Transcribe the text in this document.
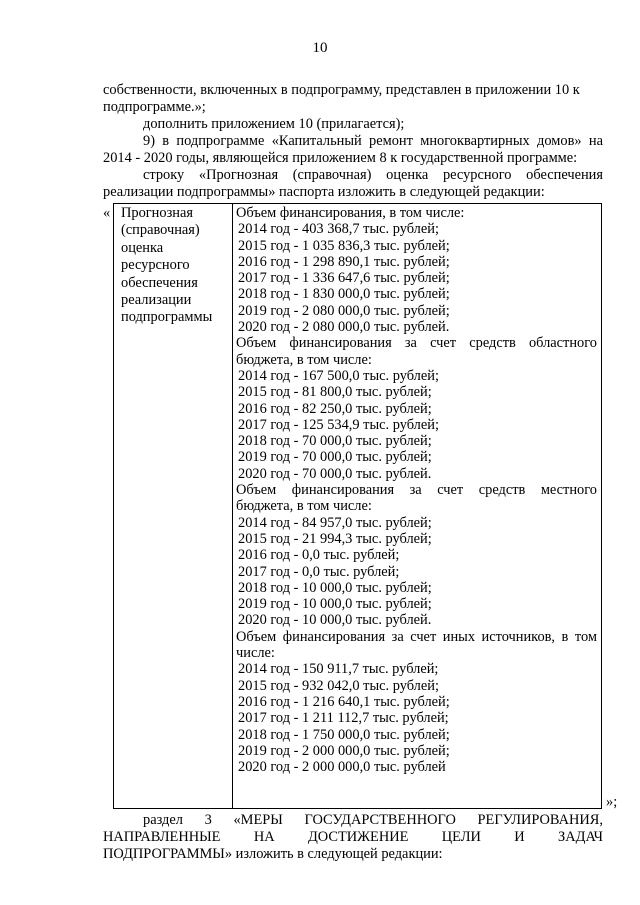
10

собственности, включенных в подпрограмму, представлен в приложении 10 к

подпрограмме.»;

дополнить приложением 10 (прилагается);

9) в подпрограмме «Капитальный ремонт многоквартирных домов» на 2014 - 2020 годы, являющейся приложением 8 к государственной программе:

строку «Прогнозная (справочная) оценка ресурсного обеспечения реализации подпрограммы» паспорта изложить в следующей редакции:

« Прогнозная
(справочная)
оценка
ресурсного
обеспечения
реализации
подпрограммы
Объем финансирования, в том числе:
2014 год - 403 368,7 тыс. рублей;
2015 год - 1 035 836,3 тыс. рублей;
2016 год - 1 298 890,1 тыс. рублей;
2017 год - 1 336 647,6 тыс. рублей;
2018 год - 1 830 000,0 тыс. рублей;
2019 год - 2 080 000,0 тыс. рублей;
2020 год - 2 080 000,0 тыс. рублей.
Объем финансирования за счет средств областного бюджета, в том числе:
2014 год - 167 500,0 тыс. рублей;
2015 год - 81 800,0 тыс. рублей;
2016 год - 82 250,0 тыс. рублей;
2017 год - 125 534,9 тыс. рублей;
2018 год - 70 000,0 тыс. рублей;
2019 год - 70 000,0 тыс. рублей;
2020 год - 70 000,0 тыс. рублей.
Объем финансирования за счет средств местного бюджета, в том числе:
2014 год - 84 957,0 тыс. рублей;
2015 год - 21 994,3 тыс. рублей;
2016 год - 0,0 тыс. рублей;
2017 год - 0,0 тыс. рублей;
2018 год - 10 000,0 тыс. рублей;
2019 год - 10 000,0 тыс. рублей;
2020 год - 10 000,0 тыс. рублей.
Объем финансирования за счет иных источников, в том числе:
2014 год - 150 911,7 тыс. рублей;
2015 год - 932 042,0 тыс. рублей;
2016 год - 1 216 640,1 тыс. рублей;
2017 год - 1 211 112,7 тыс. рублей;
2018 год - 1 750 000,0 тыс. рублей;
2019 год - 2 000 000,0 тыс. рублей;
2020 год - 2 000 000,0 тыс. рублей
»;

раздел 3 «МЕРЫ ГОСУДАРСТВЕННОГО РЕГУЛИРОВАНИЯ,

НАПРАВЛЕННЫЕ НА ДОСТИЖЕНИЕ ЦЕЛИ И ЗАДАЧ

ПОДПРОГРАММЫ» изложить в следующей редакции:
